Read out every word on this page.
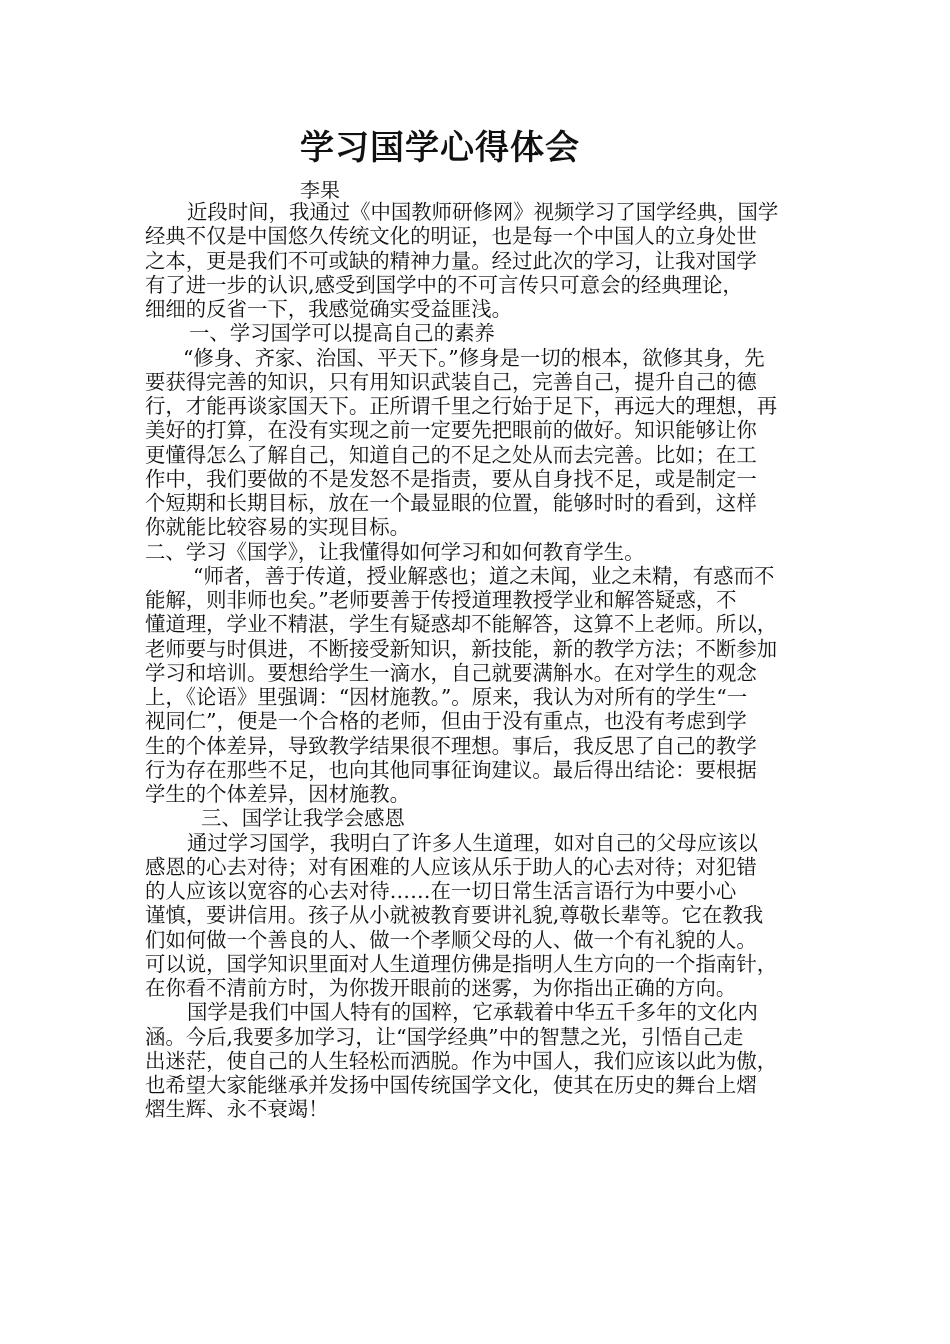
学习国学心得体会
李果
近段时间，我通过《中国教师研修网》视频学习了国学经典，国学
经典不仅是中国悠久传统文化的明证，也是每一个中国人的立身处世
之本，更是我们不可或缺的精神力量。经过此次的学习，让我对国学
有了进一步的认识,感受到国学中的不可言传只可意会的经典理论，
细细的反省一下，我感觉确实受益匪浅。
一、学习国学可以提高自己的素养
“修身、齐家、治国、平天下。”修身是一切的根本，欲修其身，先
要获得完善的知识，只有用知识武装自己，完善自己，提升自己的德
行，才能再谈家国天下。正所谓千里之行始于足下，再远大的理想，再
美好的打算，在没有实现之前一定要先把眼前的做好。知识能够让你
更懂得怎么了解自己，知道自己的不足之处从而去完善。比如；在工
作中，我们要做的不是发怒不是指责，要从自身找不足，或是制定一
个短期和长期目标，放在一个最显眼的位置，能够时时的看到，这样
你就能比较容易的实现目标。
二、学习《国学》，让我懂得如何学习和如何教育学生。
“师者，善于传道，授业解惑也；道之未闻，业之未精，有惑而不
能解，则非师也矣。”老师要善于传授道理教授学业和解答疑惑，不
懂道理，学业不精湛，学生有疑惑却不能解答，这算不上老师。所以，
老师要与时俱进，不断接受新知识，新技能，新的教学方法；不断参加
学习和培训。要想给学生一滴水，自己就要满斛水。在对学生的观念
上，《论语》里强调：“因材施教。”。原来，我认为对所有的学生“一
视同仁”，便是一个合格的老师，但由于没有重点，也没有考虑到学
生的个体差异，导致教学结果很不理想。事后，我反思了自己的教学
行为存在那些不足，也向其他同事征询建议。最后得出结论：要根据
学生的个体差异，因材施教。
三、国学让我学会感恩
通过学习国学，我明白了许多人生道理，如对自己的父母应该以
感恩的心去对待；对有困难的人应该从乐于助人的心去对待；对犯错
的人应该以宽容的心去对待……在一切日常生活言语行为中要小心
谨慎，要讲信用。孩子从小就被教育要讲礼貌,尊敬长辈等。它在教我
们如何做一个善良的人、做一个孝顺父母的人、做一个有礼貌的人。
可以说，国学知识里面对人生道理仿佛是指明人生方向的一个指南针，
在你看不清前方时，为你拨开眼前的迷雾，为你指出正确的方向。
国学是我们中国人特有的国粹，它承载着中华五千多年的文化内
涵。今后,我要多加学习，让“国学经典”中的智慧之光，引悟自己走
出迷茫，使自己的人生轻松而洒脱。作为中国人，我们应该以此为傲，
也希望大家能继承并发扬中国传统国学文化，使其在历史的舞台上熠
熠生辉、永不衰竭！
